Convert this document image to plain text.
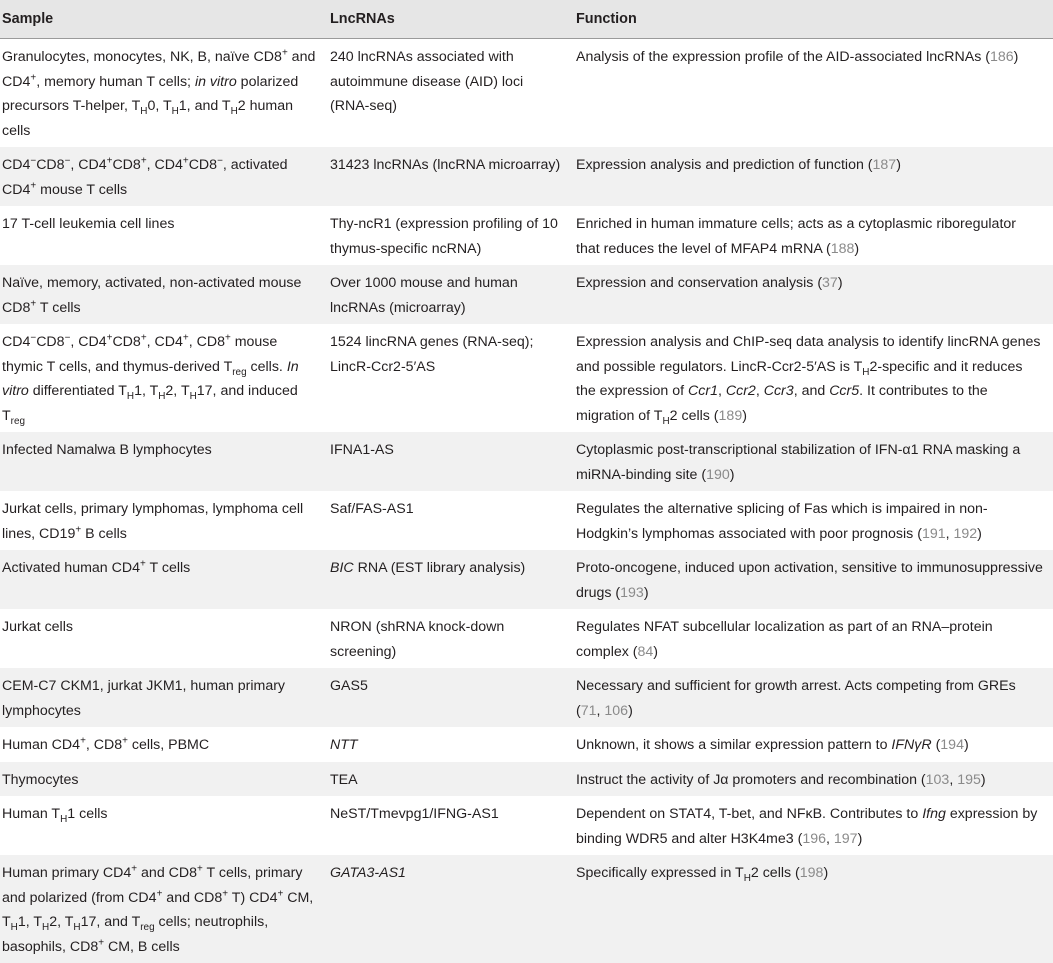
Sample	LncRNAs	Function
Granulocytes, monocytes, NK, B, naïve CD8+ and CD4+, memory human T cells; in vitro polarized precursors T-helper, $T_H0$, $T_H1$, and $T_H2$ human cells	240 lncRNAs associated with autoimmune disease (AID) loci (RNA-seq)	Analysis of the expression profile of the AID-associated lncRNAs (186)
CD4−CD8−, CD4+CD8+, CD4+CD8−, activated CD4+ mouse T cells	31423 lncRNAs (lncRNA microarray)	Expression analysis and prediction of function (187)
17 T-cell leukemia cell lines	Thy-ncR1 (expression profiling of 10 thymus-specific ncRNA)	Enriched in human immature cells; acts as a cytoplasmic riboregulator that reduces the level of MFAP4 mRNA (188)
Naïve, memory, activated, non-activated mouse CD8+ T cells	Over 1000 mouse and human lncRNAs (microarray)	Expression and conservation analysis (37)
CD4−CD8−, CD4+CD8+, CD4+, CD8+ mouse thymic T cells, and thymus-derived $T_{reg}$ cells. In vitro differentiated $T_H1$, $T_H2$, $T_H17$, and induced $T_{reg}$	1524 lincRNA genes (RNA-seq); LincR-Ccr2-5′AS	Expression analysis and ChIP-seq data analysis to identify lincRNA genes and possible regulators. LincR-Ccr2-5′AS is $T_H2$-specific and it reduces the expression of Ccr1, Ccr2, Ccr3, and Ccr5. It contributes to the migration of $T_H2$ cells (189)
Infected Namalwa B lymphocytes	IFNA1-AS	Cytoplasmic post-transcriptional stabilization of IFN-α1 RNA masking a miRNA-binding site (190)
Jurkat cells, primary lymphomas, lymphoma cell lines, CD19+ B cells	Saf/FAS-AS1	Regulates the alternative splicing of Fas which is impaired in non-Hodgkin’s lymphomas associated with poor prognosis (191, 192)
Activated human CD4+ T cells	BIC RNA (EST library analysis)	Proto-oncogene, induced upon activation, sensitive to immunosuppressive drugs (193)
Jurkat cells	NRON (shRNA knock-down screening)	Regulates NFAT subcellular localization as part of an RNA–protein complex (84)
CEM-C7 CKM1, jurkat JKM1, human primary lymphocytes	GAS5	Necessary and sufficient for growth arrest. Acts competing from GREs (71, 106)
Human CD4+, CD8+ cells, PBMC	NTT	Unknown, it shows a similar expression pattern to IFNγR (194)
Thymocytes	TEA	Instruct the activity of Jα promoters and recombination (103, 195)
Human $T_H1$ cells	NeST/Tmevpg1/IFNG-AS1	Dependent on STAT4, T-bet, and NFκB. Contributes to Ifng expression by binding WDR5 and alter H3K4me3 (196, 197)
Human primary CD4+ and CD8+ T cells, primary and polarized (from CD4+ and CD8+ T) CD4+ CM, $T_H1$, $T_H2$, $T_H17$, and $T_{reg}$ cells; neutrophils, basophils, CD8+ CM, B cells	GATA3-AS1	Specifically expressed in $T_H2$ cells (198)
